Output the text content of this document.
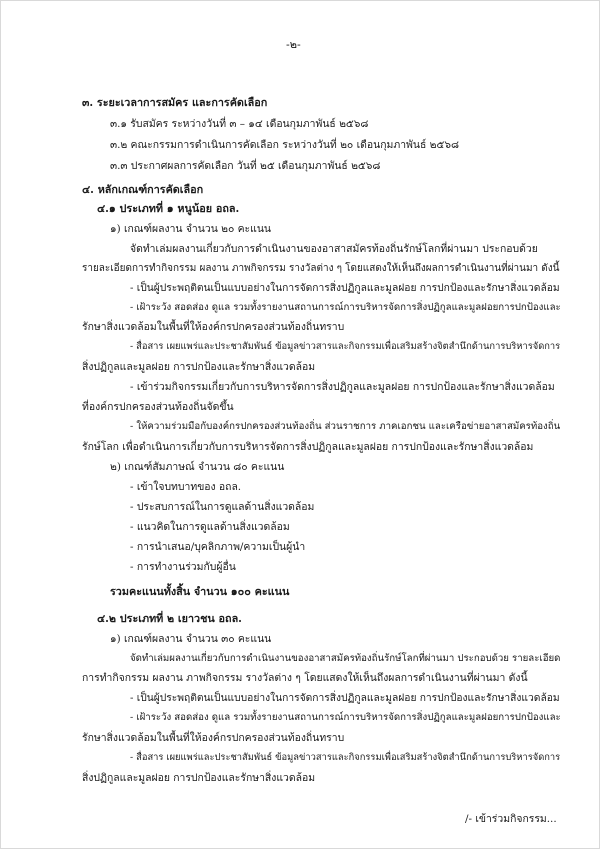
-๒-
๓. ระยะเวลาการสมัคร และการคัดเลือก
๓.๑ รับสมัคร ระหว่างวันที่ ๓ – ๑๔ เดือนกุมภาพันธ์ ๒๕๖๘
๓.๒ คณะกรรมการดำเนินการคัดเลือก ระหว่างวันที่ ๒๐ เดือนกุมภาพันธ์ ๒๕๖๘
๓.๓ ประกาศผลการคัดเลือก วันที่ ๒๕ เดือนกุมภาพันธ์ ๒๕๖๘
๔. หลักเกณฑ์การคัดเลือก
๔.๑ ประเภทที่ ๑ หนูน้อย อถล.
๑) เกณฑ์ผลงาน จำนวน ๒๐ คะแนน
จัดทำเล่มผลงานเกี่ยวกับการดำเนินงานของอาสาสมัครท้องถิ่นรักษ์โลกที่ผ่านมา ประกอบด้วย
รายละเอียดการทำกิจกรรม ผลงาน ภาพกิจกรรม รางวัลต่าง ๆ โดยแสดงให้เห็นถึงผลการดำเนินงานที่ผ่านมา ดังนี้
- เป็นผู้ประพฤติตนเป็นแบบอย่างในการจัดการสิ่งปฏิกูลและมูลฝอย การปกป้องและรักษาสิ่งแวดล้อม
- เฝ้าระวัง สอดส่อง ดูแล รวมทั้งรายงานสถานการณ์การบริหารจัดการสิ่งปฏิกูลและมูลฝอยการปกป้องและ
รักษาสิ่งแวดล้อมในพื้นที่ให้องค์กรปกครองส่วนท้องถิ่นทราบ
- สื่อสาร เผยแพร่และประชาสัมพันธ์ ข้อมูลข่าวสารและกิจกรรมเพื่อเสริมสร้างจิตสำนึกด้านการบริหารจัดการ
สิ่งปฏิกูลและมูลฝอย การปกป้องและรักษาสิ่งแวดล้อม
- เข้าร่วมกิจกรรมเกี่ยวกับการบริหารจัดการสิ่งปฏิกูลและมูลฝอย การปกป้องและรักษาสิ่งแวดล้อม
ที่องค์กรปกครองส่วนท้องถิ่นจัดขึ้น
- ให้ความร่วมมือกับองค์กรปกครองส่วนท้องถิ่น ส่วนราชการ ภาคเอกชน และเครือข่ายอาสาสมัครท้องถิ่น
รักษ์โลก เพื่อดำเนินการเกี่ยวกับการบริหารจัดการสิ่งปฏิกูลและมูลฝอย การปกป้องและรักษาสิ่งแวดล้อม
๒) เกณฑ์สัมภาษณ์ จำนวน ๘๐ คะแนน
- เข้าใจบทบาทของ อถล.
- ประสบการณ์ในการดูแลด้านสิ่งแวดล้อม
- แนวคิดในการดูแลด้านสิ่งแวดล้อม
- การนำเสนอ/บุคลิกภาพ/ความเป็นผู้นำ
- การทำงานร่วมกับผู้อื่น
รวมคะแนนทั้งสิ้น จำนวน ๑๐๐ คะแนน
๔.๒ ประเภทที่ ๒ เยาวชน อถล.
๑) เกณฑ์ผลงาน จำนวน ๓๐ คะแนน
จัดทำเล่มผลงานเกี่ยวกับการดำเนินงานของอาสาสมัครท้องถิ่นรักษ์โลกที่ผ่านมา ประกอบด้วย รายละเอียด
การทำกิจกรรม ผลงาน ภาพกิจกรรม รางวัลต่าง ๆ โดยแสดงให้เห็นถึงผลการดำเนินงานที่ผ่านมา ดังนี้
- เป็นผู้ประพฤติตนเป็นแบบอย่างในการจัดการสิ่งปฏิกูลและมูลฝอย การปกป้องและรักษาสิ่งแวดล้อม
- เฝ้าระวัง สอดส่อง ดูแล รวมทั้งรายงานสถานการณ์การบริหารจัดการสิ่งปฏิกูลและมูลฝอยการปกป้องและ
รักษาสิ่งแวดล้อมในพื้นที่ให้องค์กรปกครองส่วนท้องถิ่นทราบ
- สื่อสาร เผยแพร่และประชาสัมพันธ์ ข้อมูลข่าวสารและกิจกรรมเพื่อเสริมสร้างจิตสำนึกด้านการบริหารจัดการ
สิ่งปฏิกูลและมูลฝอย การปกป้องและรักษาสิ่งแวดล้อม
/- เข้าร่วมกิจกรรม...
